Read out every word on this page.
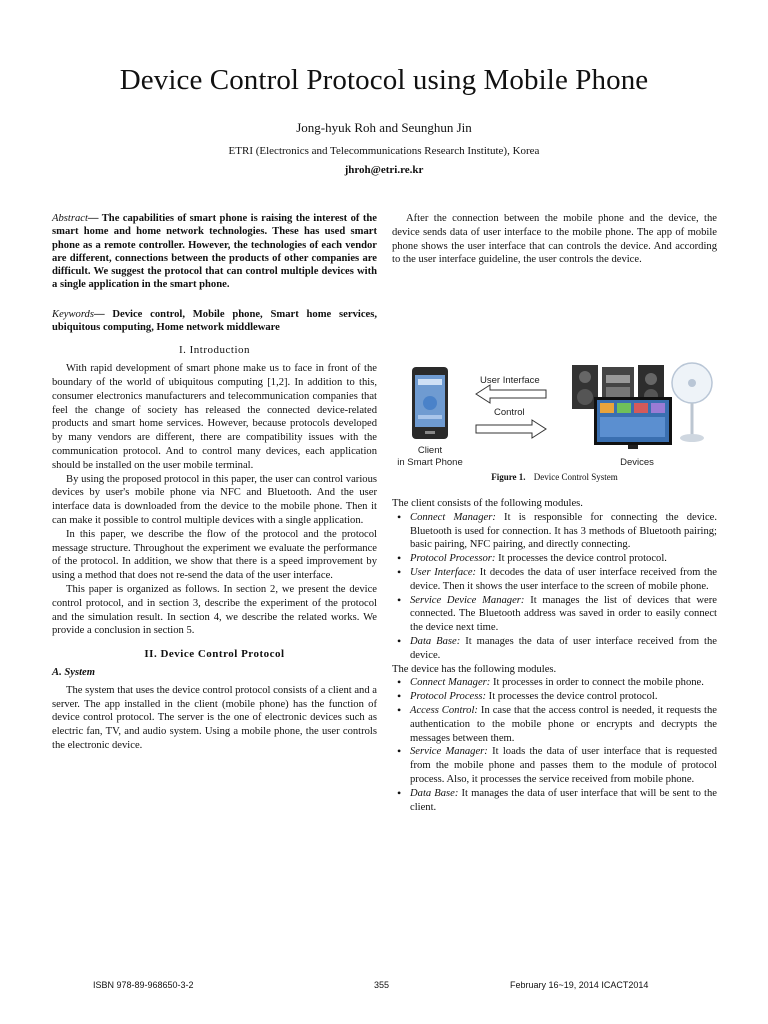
Device Control Protocol using Mobile Phone
Jong-hyuk Roh and Seunghun Jin
ETRI (Electronics and Telecommunications Research Institute), Korea
jhroh@etri.re.kr
Abstract— The capabilities of smart phone is raising the interest of the smart home and home network technologies. These has used smart phone as a remote controller. However, the technologies of each vendor are different, connections between the products of other companies are difficult. We suggest the protocol that can control multiple devices with a single application in the smart phone.
Keywords— Device control, Mobile phone, Smart home services, ubiquitous computing, Home network middleware
I. Introduction

With rapid development of smart phone make us to face in front of the boundary of the world of ubiquitous computing [1,2]. In addition to this, consumer electronics manufacturers and telecommunication companies that feel the change of society has released the connected device-related products and smart home services. However, because protocols developed by many vendors are different, there are compatibility issues with the communication protocol. And to control many devices, each application should be installed on the user mobile terminal.

By using the proposed protocol in this paper, the user can control various devices by user's mobile phone via NFC and Bluetooth. And the user interface data is downloaded from the device to the mobile phone. Then it can make it possible to control multiple devices with a single application.

In this paper, we describe the flow of the protocol and the protocol message structure. Throughout the experiment we evaluate the performance of the protocol. In addition, we show that there is a speed improvement by using a method that does not re-send the data of the user interface.

This paper is organized as follows. In section 2, we present the device control protocol, and in section 3, describe the experiment of the protocol and the simulation result. In section 4, we describe the related works. We provide a conclusion in section 5.

II. Device Control Protocol
A. System

The system that uses the device control protocol consists of a client and a server. The app installed in the client (mobile phone) has the function of device control protocol. The server is the one of electronic devices such as electric fan, TV, and audio system. Using a mobile phone, the user controls the electronic device.

After the connection between the mobile phone and the device, the device sends data of user interface to the mobile phone. The app of mobile phone shows the user interface that can controls the device. And according to the user interface guideline, the user controls the device.

User Interface
Control
Client
in Smart Phone	Devices
Figure 1. Device Control System
The client consists of the following modules.
• Connect Manager: It is responsible for connecting the device. Bluetooth is used for connection. It has 3 methods of Bluetooth pairing; basic pairing, NFC pairing, and directly connecting.
• Protocol Processor: It processes the device control protocol.
• User Interface: It decodes the data of user interface received from the device. Then it shows the user interface to the screen of mobile phone.
• Service Device Manager: It manages the list of devices that were connected. The Bluetooth address was saved in order to easily connect the device next time.
• Data Base: It manages the data of user interface received from the device.
The device has the following modules.
• Connect Manager: It processes in order to connect the mobile phone.
• Protocol Process: It processes the device control protocol.
• Access Control: In case that the access control is needed, it requests the authentication to the mobile phone or encrypts and decrypts the messages between them.
• Service Manager: It loads the data of user interface that is requested from the mobile phone and passes them to the module of protocol process. Also, it processes the service received from mobile phone.
• Data Base: It manages the data of user interface that will be sent to the client.
ISBN 978-89-968650-3-2	355	February 16~19, 2014 ICACT2014
